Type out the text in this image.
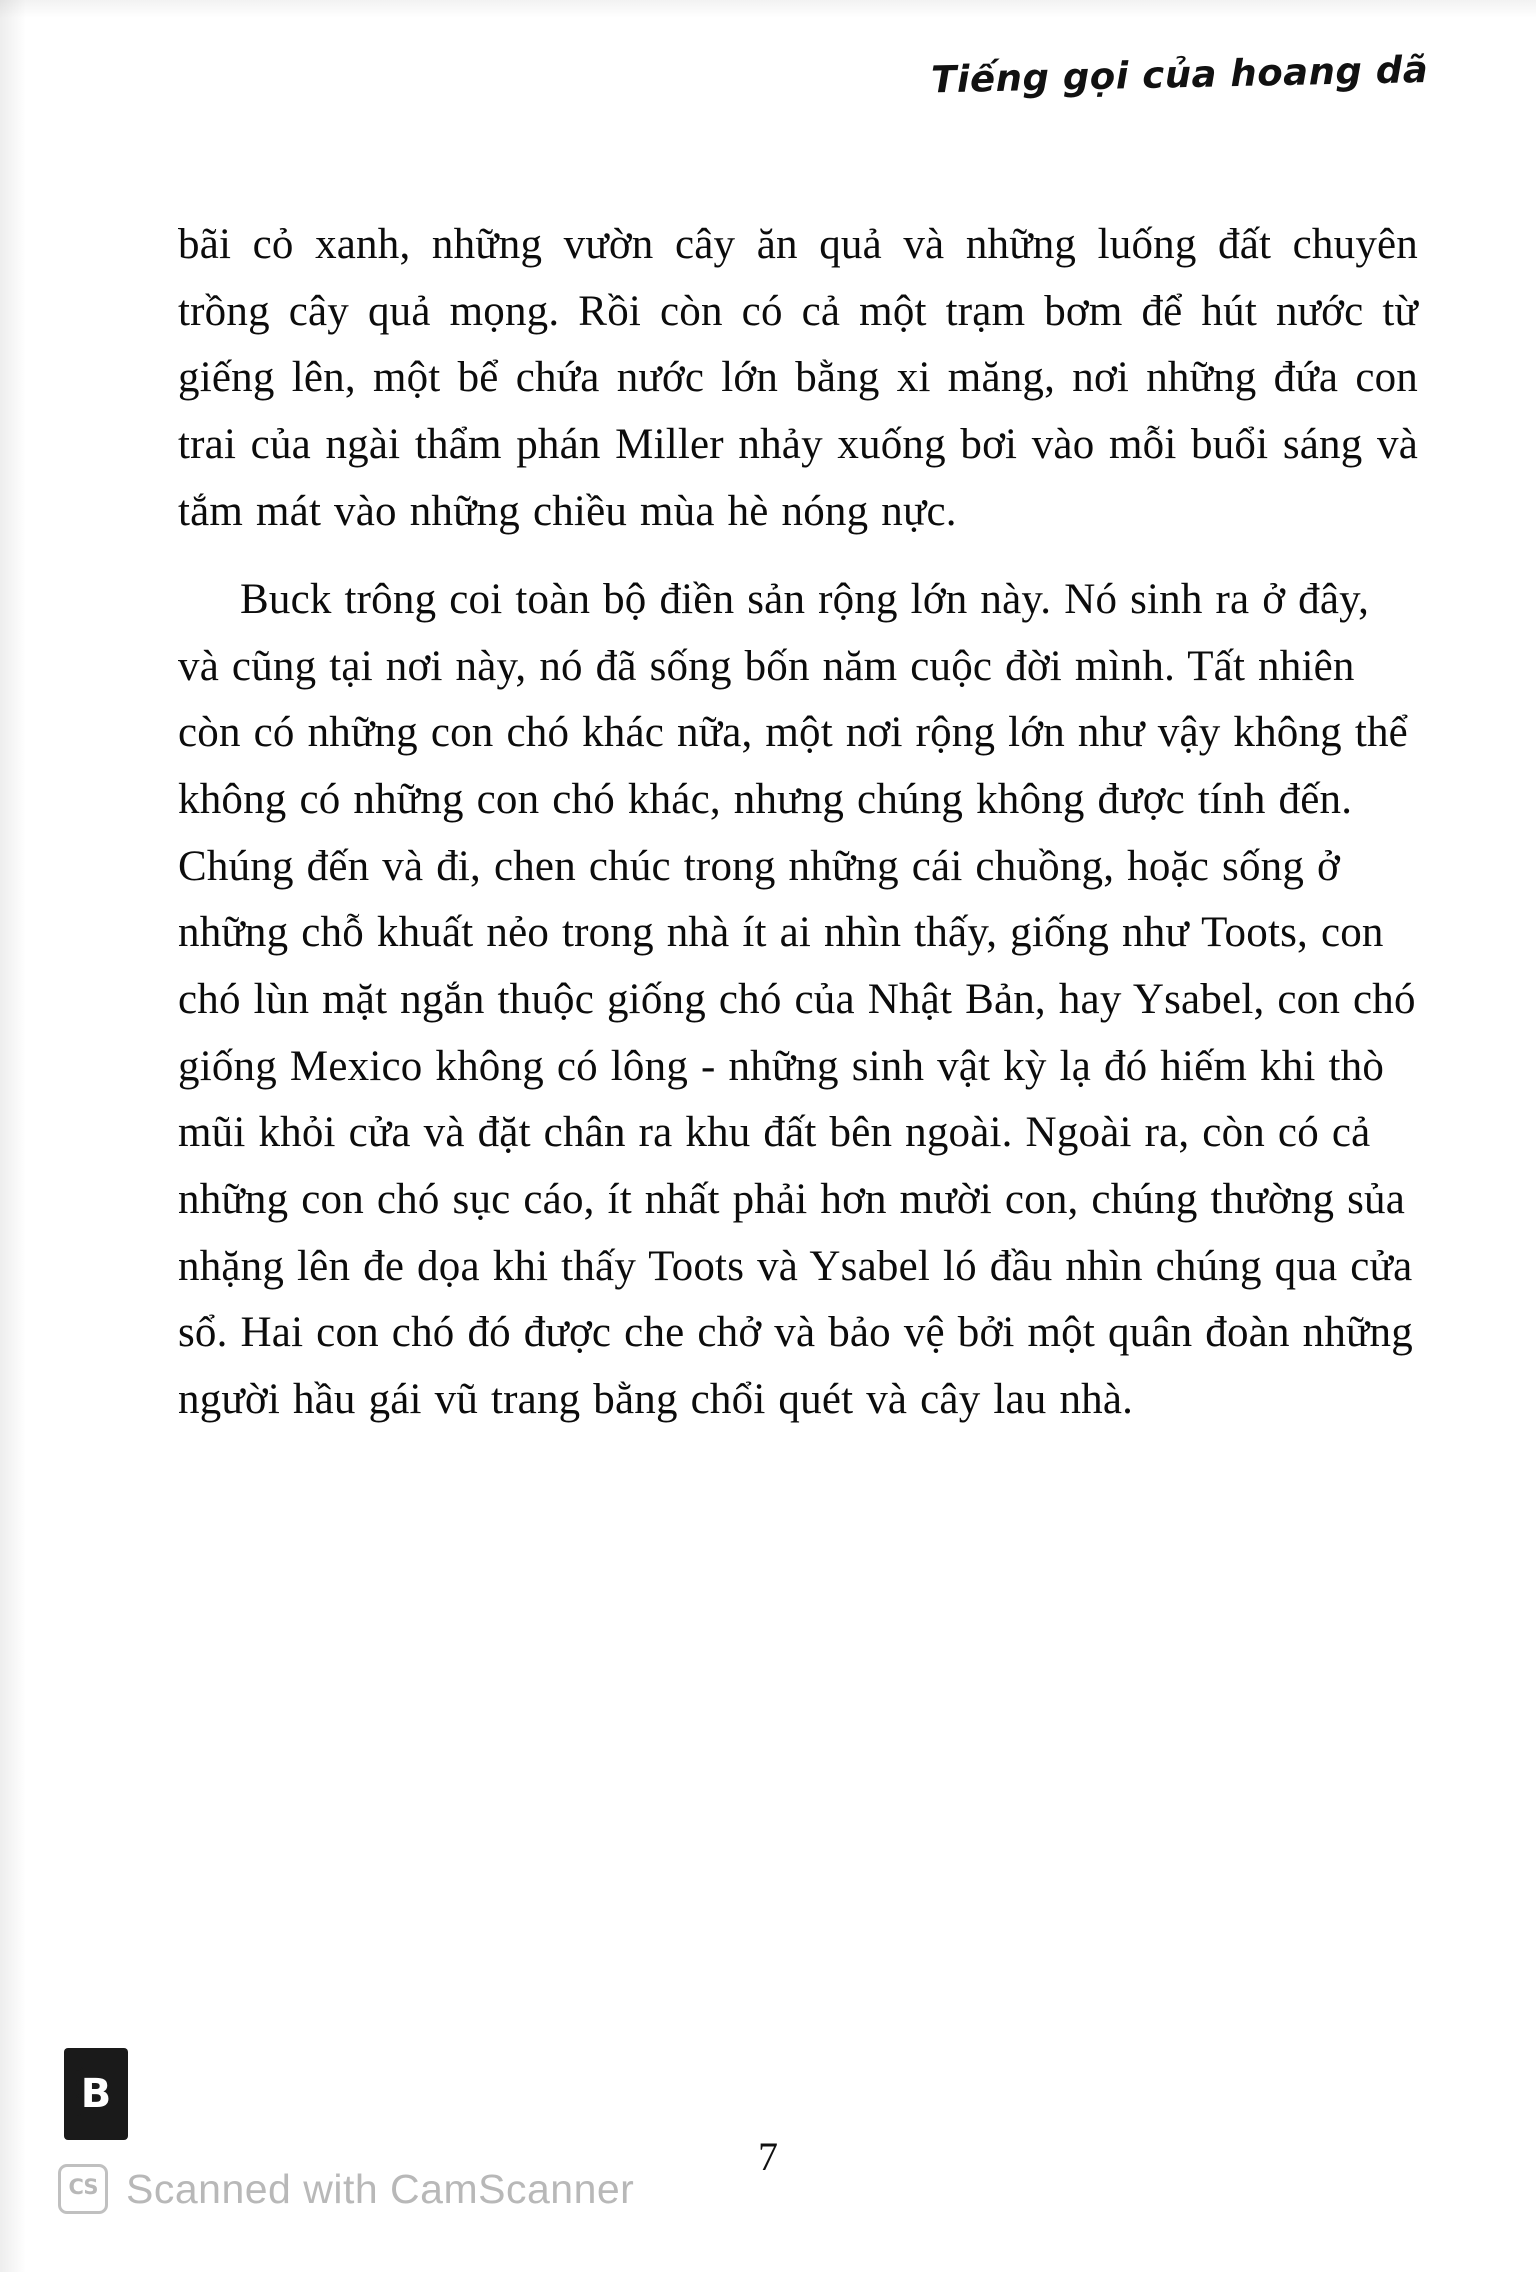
Tiếng gọi của hoang dã

bãi cỏ xanh, những vườn cây ăn quả và những luống đất chuyên trồng cây quả mọng. Rồi còn có cả một trạm bơm để hút nước từ giếng lên, một bể chứa nước lớn bằng xi măng, nơi những đứa con trai của ngài thẩm phán Miller nhảy xuống bơi vào mỗi buổi sáng và tắm mát vào những chiều mùa hè nóng nực.

Buck trông coi toàn bộ điền sản rộng lớn này. Nó sinh ra ở đây, và cũng tại nơi này, nó đã sống bốn năm cuộc đời mình. Tất nhiên còn có những con chó khác nữa, một nơi rộng lớn như vậy không thể không có những con chó khác, nhưng chúng không được tính đến. Chúng đến và đi, chen chúc trong những cái chuồng, hoặc sống ở những chỗ khuất nẻo trong nhà ít ai nhìn thấy, giống như Toots, con chó lùn mặt ngắn thuộc giống chó của Nhật Bản, hay Ysabel, con chó giống Mexico không có lông - những sinh vật kỳ lạ đó hiếm khi thò mũi khỏi cửa và đặt chân ra khu đất bên ngoài. Ngoài ra, còn có cả những con chó sục cáo, ít nhất phải hơn mười con, chúng thường sủa nhặng lên đe dọa khi thấy Toots và Ysabel ló đầu nhìn chúng qua cửa sổ. Hai con chó đó được che chở và bảo vệ bởi một quân đoàn những người hầu gái vũ trang bằng chổi quét và cây lau nhà.

7
B
LI NHA ĐINH
CS Scanned with CamScanner
